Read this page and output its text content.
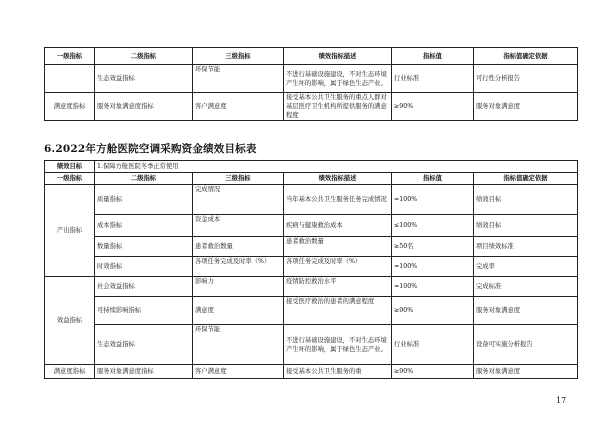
一级指标	二级指标	三级指标	绩效指标描述	指标值	指标值确定依据
	生态效益指标	环保节能	不进行基础设施建设，不对生态环境产生坏的影响，属于绿色生态产业。	行业标准	可行性分析报告
满意度指标	服务对象满意度指标	客户满意度	接受基本公共卫生服务的重点人群对基层医疗卫生机构所提供服务的满意程度	≥90%	服务对象满意度
6.2022年方舱医院空调采购资金绩效目标表
绩效目标	1.保障方舱医院冬季正常使用				
一级指标	二级指标	三级指标	绩效指标描述	指标值	指标值确定依据
产出指标	质量指标	完成情况	当年基本公共卫生服务任务完成情况	=100%	绩效目标
	成本指标	资金成本	疾病与健康救治成本	≤100%	绩效目标
	数量指标	患者救治数量	患者救治数量	≥50名	项目绩效标准
	时效指标	各项任务完成及时率（%）	各项任务完成及时率（%）	=100%	完成率
效益指标	社会效益指标	影响力	疫情防控救治水平	=100%	完成标准
	可持续影响指标	满意度	接受医疗救治的患者的满意程度	≥90%	服务对象满意度
	生态效益指标	环保节能	不进行基础设施建设，不对生态环境产生坏的影响，属于绿色生态产业。	行业标准	设备可实施分析报告
满意度指标	服务对象满意度指标	客户满意度	接受基本公共卫生服务的重	≥90%	服务对象满意度
17
